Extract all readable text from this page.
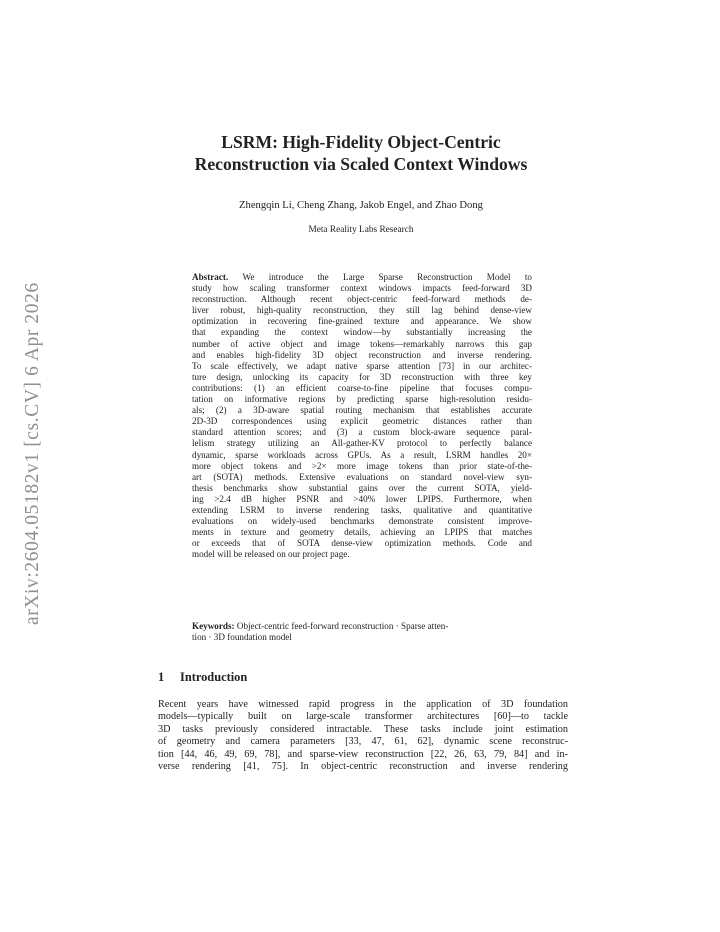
arXiv:2604.05182v1 [cs.CV] 6 Apr 2026
LSRM: High-Fidelity Object-Centric
Reconstruction via Scaled Context Windows
Zhengqin Li, Cheng Zhang, Jakob Engel, and Zhao Dong
Meta Reality Labs Research
Abstract. We introduce the Large Sparse Reconstruction Model to
study how scaling transformer context windows impacts feed-forward 3D
reconstruction. Although recent object-centric feed-forward methods de-
liver robust, high-quality reconstruction, they still lag behind dense-view
optimization in recovering fine-grained texture and appearance. We show
that expanding the context window—by substantially increasing the
number of active object and image tokens—remarkably narrows this gap
and enables high-fidelity 3D object reconstruction and inverse rendering.
To scale effectively, we adapt native sparse attention [73] in our architec-
ture design, unlocking its capacity for 3D reconstruction with three key
contributions: (1) an efficient coarse-to-fine pipeline that focuses compu-
tation on informative regions by predicting sparse high-resolution residu-
als; (2) a 3D-aware spatial routing mechanism that establishes accurate
2D-3D correspondences using explicit geometric distances rather than
standard attention scores; and (3) a custom block-aware sequence paral-
lelism strategy utilizing an All-gather-KV protocol to perfectly balance
dynamic, sparse workloads across GPUs. As a result, LSRM handles 20×
more object tokens and >2× more image tokens than prior state-of-the-
art (SOTA) methods. Extensive evaluations on standard novel-view syn-
thesis benchmarks show substantial gains over the current SOTA, yield-
ing >2.4 dB higher PSNR and >40% lower LPIPS. Furthermore, when
extending LSRM to inverse rendering tasks, qualitative and quantitative
evaluations on widely-used benchmarks demonstrate consistent improve-
ments in texture and geometry details, achieving an LPIPS that matches
or exceeds that of SOTA dense-view optimization methods. Code and
model will be released on our project page.
Keywords: Object-centric feed-forward reconstruction · Sparse atten-
tion · 3D foundation model
1 Introduction
Recent years have witnessed rapid progress in the application of 3D foundation
models—typically built on large-scale transformer architectures [60]—to tackle
3D tasks previously considered intractable. These tasks include joint estimation
of geometry and camera parameters [33, 47, 61, 62], dynamic scene reconstruc-
tion [44, 46, 49, 69, 78], and sparse-view reconstruction [22, 26, 63, 79, 84] and in-
verse rendering [41, 75]. In object-centric reconstruction and inverse rendering
